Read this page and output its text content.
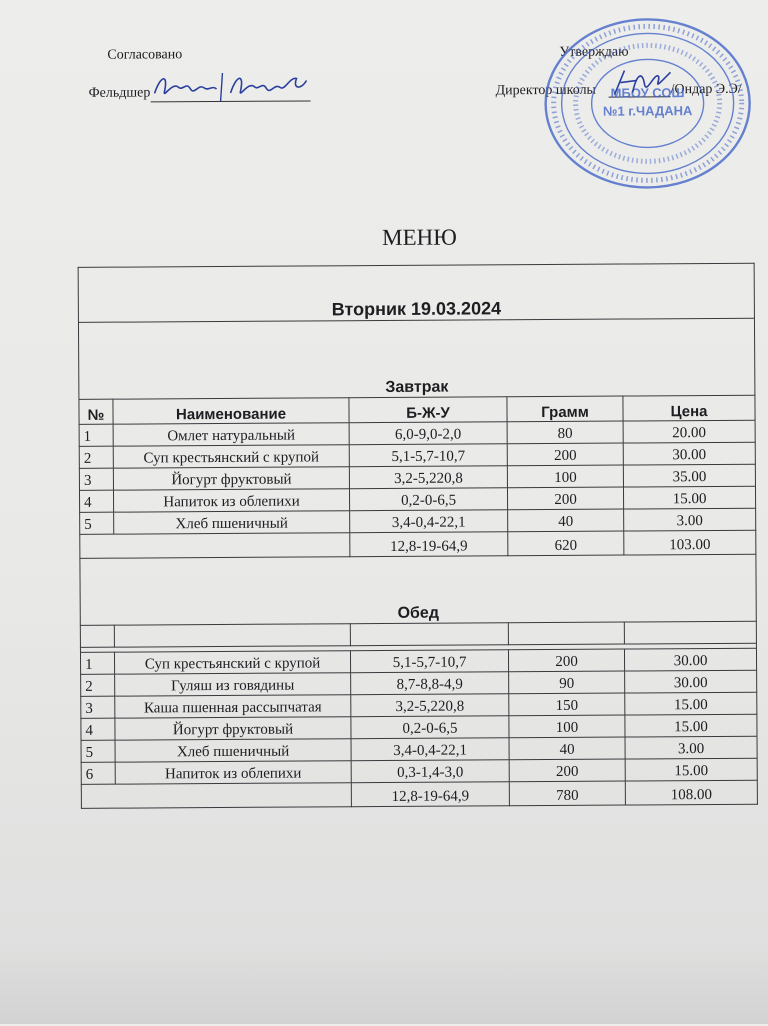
Согласовано
Фельдшер
Утверждаю
Директор школы	/Ондар Э.Э/
МБОУ СОШ
№1 г.ЧАДАНА
МЕНЮ
Вторник 19.03.2024				
Завтрак				
№	Наименование	Б-Ж-У	Грамм	Цена
1	Омлет натуральный	6,0-9,0-2,0	80	20.00
2	Суп крестьянский с крупой	5,1-5,7-10,7	200	30.00
3	Йогурт фруктовый	3,2-5,220,8	100	35.00
4	Напиток из облепихи	0,2-0-6,5	200	15.00
5	Хлеб пшеничный	3,4-0,4-22,1	40	3.00
		12,8-19-64,9	620	103.00
Обед				

1	Суп крестьянский с крупой	5,1-5,7-10,7	200	30.00
2	Гуляш из говядины	8,7-8,8-4,9	90	30.00
3	Каша пшенная рассыпчатая	3,2-5,220,8	150	15.00
4	Йогурт фруктовый	0,2-0-6,5	100	15.00
5	Хлеб пшеничный	3,4-0,4-22,1	40	3.00
6	Напиток из облепихи	0,3-1,4-3,0	200	15.00
		12,8-19-64,9	780	108.00
